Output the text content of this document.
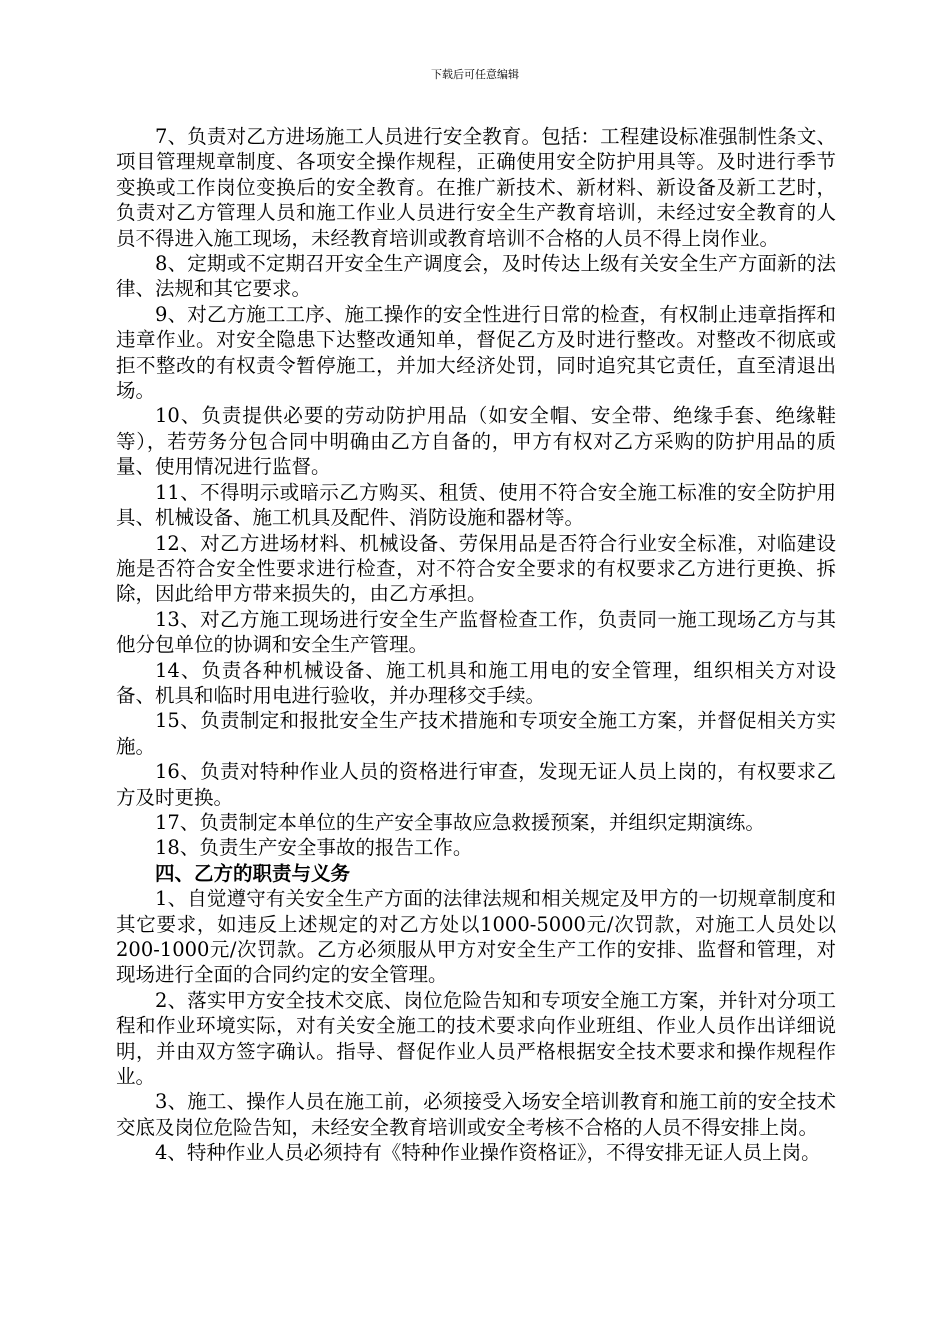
下载后可任意编辑

7、负责对乙方进场施工人员进行安全教育。包括：工程建设标准强制性条文、项目管理规章制度、各项安全操作规程，正确使用安全防护用具等。及时进行季节变换或工作岗位变换后的安全教育。在推广新技术、新材料、新设备及新工艺时，负责对乙方管理人员和施工作业人员进行安全生产教育培训，未经过安全教育的人员不得进入施工现场，未经教育培训或教育培训不合格的人员不得上岗作业。

8、定期或不定期召开安全生产调度会，及时传达上级有关安全生产方面新的法律、法规和其它要求。

9、对乙方施工工序、施工操作的安全性进行日常的检查，有权制止违章指挥和违章作业。对安全隐患下达整改通知单，督促乙方及时进行整改。对整改不彻底或拒不整改的有权责令暂停施工，并加大经济处罚，同时追究其它责任，直至清退出场。

10、负责提供必要的劳动防护用品（如安全帽、安全带、绝缘手套、绝缘鞋等），若劳务分包合同中明确由乙方自备的，甲方有权对乙方采购的防护用品的质量、使用情况进行监督。

11、不得明示或暗示乙方购买、租赁、使用不符合安全施工标准的安全防护用具、机械设备、施工机具及配件、消防设施和器材等。

12、对乙方进场材料、机械设备、劳保用品是否符合行业安全标准，对临建设施是否符合安全性要求进行检查，对不符合安全要求的有权要求乙方进行更换、拆除，因此给甲方带来损失的，由乙方承担。

13、对乙方施工现场进行安全生产监督检查工作，负责同一施工现场乙方与其他分包单位的协调和安全生产管理。

14、负责各种机械设备、施工机具和施工用电的安全管理，组织相关方对设备、机具和临时用电进行验收，并办理移交手续。

15、负责制定和报批安全生产技术措施和专项安全施工方案，并督促相关方实施。

16、负责对特种作业人员的资格进行审查，发现无证人员上岗的，有权要求乙方及时更换。

17、负责制定本单位的生产安全事故应急救援预案，并组织定期演练。

18、负责生产安全事故的报告工作。

四、乙方的职责与义务

1、自觉遵守有关安全生产方面的法律法规和相关规定及甲方的一切规章制度和其它要求，如违反上述规定的对乙方处以1000-5000元/次罚款，对施工人员处以200-1000元/次罚款。乙方必须服从甲方对安全生产工作的安排、监督和管理，对现场进行全面的合同约定的安全管理。

2、落实甲方安全技术交底、岗位危险告知和专项安全施工方案，并针对分项工程和作业环境实际，对有关安全施工的技术要求向作业班组、作业人员作出详细说明，并由双方签字确认。指导、督促作业人员严格根据安全技术要求和操作规程作业。

3、施工、操作人员在施工前，必须接受入场安全培训教育和施工前的安全技术交底及岗位危险告知，未经安全教育培训或安全考核不合格的人员不得安排上岗。

4、特种作业人员必须持有《特种作业操作资格证》，不得安排无证人员上岗。
